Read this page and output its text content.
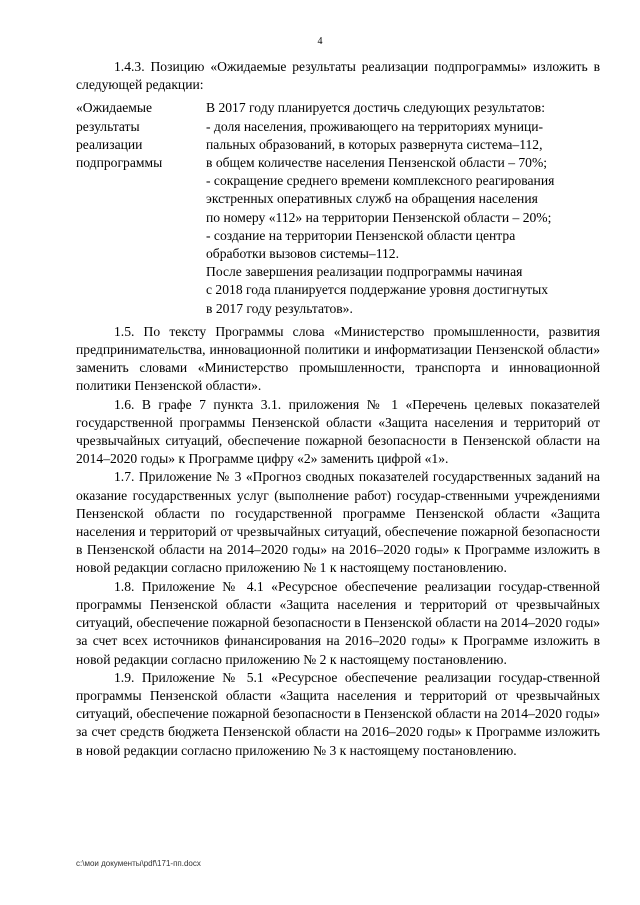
4

1.4.3. Позицию «Ожидаемые результаты реализации подпрограммы» изложить в следующей редакции:

«Ожидаемые
результаты
реализации
подпрограммы
В 2017 году планируется достичь следующих результатов:
- доля населения, проживающего на территориях муници-
пальных образований, в которых развернута система–112,
в общем количестве населения Пензенской области – 70%;
- сокращение среднего времени комплексного реагирования
экстренных оперативных служб на обращения населения
по номеру «112» на территории Пензенской области – 20%;
- создание на территории Пензенской области центра
обработки вызовов системы–112.
После завершения реализации подпрограммы начиная
с 2018 года планируется поддержание уровня достигнутых
в 2017 году результатов».

1.5. По тексту Программы слова «Министерство промышленности, развития предпринимательства, инновационной политики и информатизации Пензенской области» заменить словами «Министерство промышленности, транспорта и инновационной политики Пензенской области».

1.6. В графе 7 пункта 3.1. приложения № 1 «Перечень целевых показателей государственной программы Пензенской области «Защита населения и территорий от чрезвычайных ситуаций, обеспечение пожарной безопасности в Пензенской области на 2014–2020 годы» к Программе цифру «2» заменить цифрой «1».

1.7. Приложение № 3 «Прогноз сводных показателей государственных заданий на оказание государственных услуг (выполнение работ) государ-ственными учреждениями Пензенской области по государственной программе Пензенской области «Защита населения и территорий от чрезвычайных ситуаций, обеспечение пожарной безопасности в Пензенской области на 2014–2020 годы» на 2016–2020 годы» к Программе изложить в новой редакции согласно приложению № 1 к настоящему постановлению.

1.8. Приложение № 4.1 «Ресурсное обеспечение реализации государ-ственной программы Пензенской области «Защита населения и территорий от чрезвычайных ситуаций, обеспечение пожарной безопасности в Пензенской области на 2014–2020 годы» за счет всех источников финансирования на 2016–2020 годы» к Программе изложить в новой редакции согласно приложению № 2 к настоящему постановлению.

1.9. Приложение № 5.1 «Ресурсное обеспечение реализации государ-ственной программы Пензенской области «Защита населения и территорий от чрезвычайных ситуаций, обеспечение пожарной безопасности в Пензенской области на 2014–2020 годы» за счет средств бюджета Пензенской области на 2016–2020 годы» к Программе изложить в новой редакции согласно приложению № 3 к настоящему постановлению.

c:\мои документы\pdf\171-пп.docx
